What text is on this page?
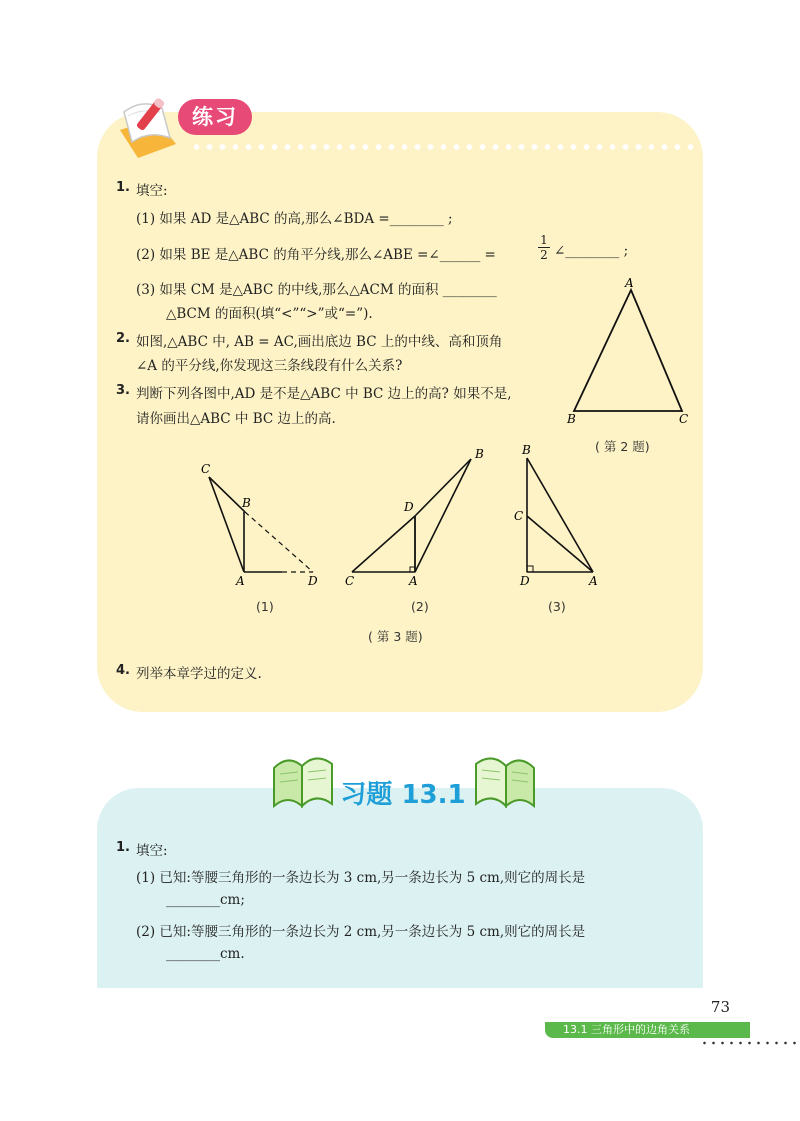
练习
1. 填空:
(1) 如果 AD 是△ABC 的高,那么∠BDA =________ ;
(2) 如果 BE 是△ABC 的角平分线,那么∠ABE =∠______ =	$\frac{1}{2}$ ∠________ ;
(3) 如果 CM 是△ABC 的中线,那么△ACM 的面积 ________
△BCM 的面积(填“<”“>”或“=”).
2. 如图,△ABC 中, AB = AC,画出底边 BC 上的中线、高和顶角
∠A 的平分线,你发现这三条线段有什么关系?
3. 判断下列各图中,AD 是不是△ABC 中 BC 边上的高? 如果不是,
请你画出△ABC 中 BC 边上的高.
A
B	C
( 第 2 题)
C
B
A	D
B
D
C	A
B
C
D	A
(1)	(2)	(3)
( 第 3 题)
4. 列举本章学过的定义.
习题 13.1
1. 填空:
(1) 已知:等腰三角形的一条边长为 3 cm,另一条边长为 5 cm,则它的周长是
________cm;
(2) 已知:等腰三角形的一条边长为 2 cm,另一条边长为 5 cm,则它的周长是
________cm.
73
13.1 三角形中的边角关系
